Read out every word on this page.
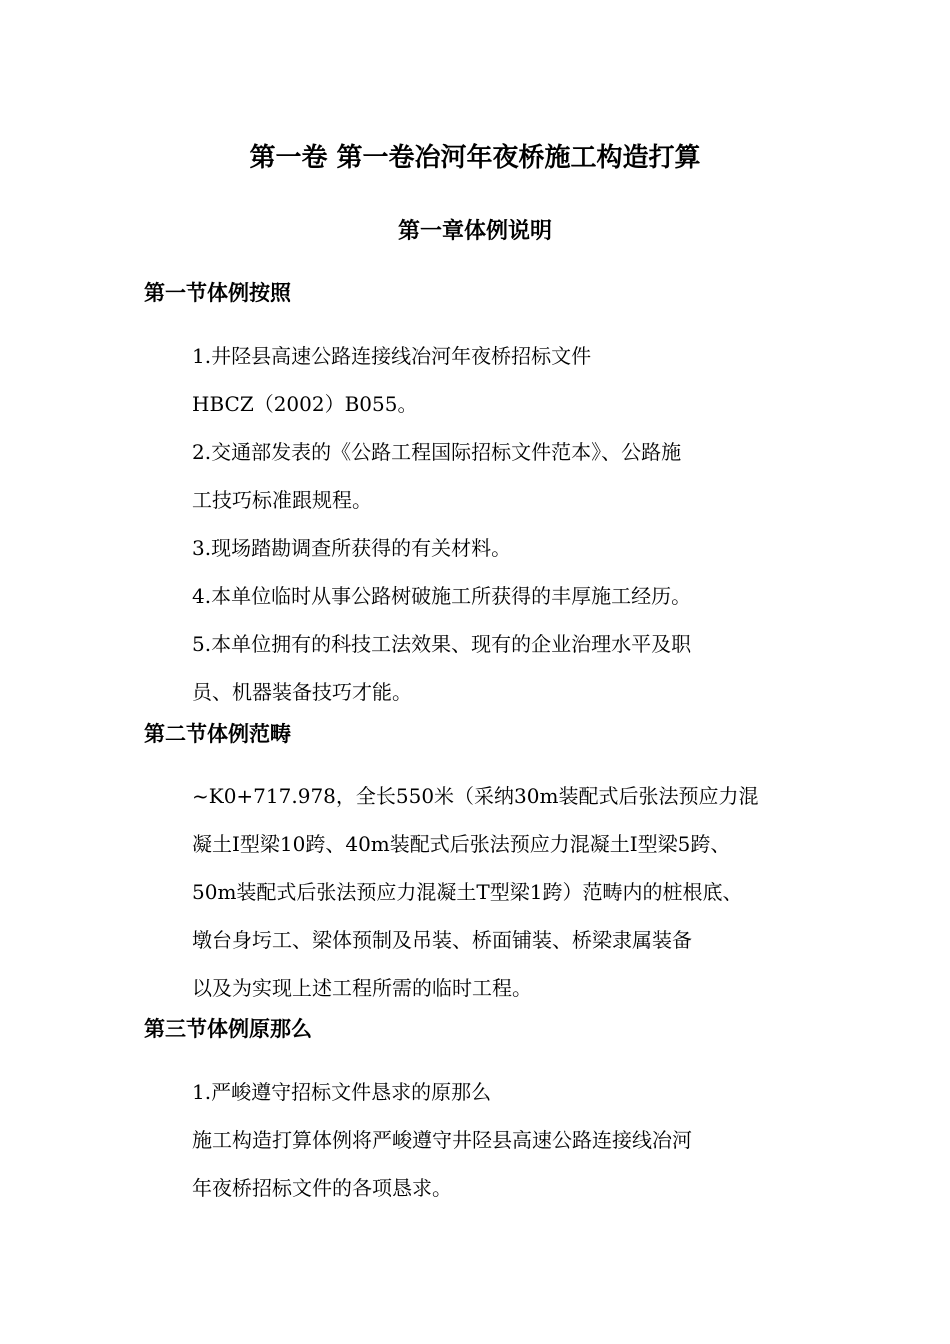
第一卷 第一卷冶河年夜桥施工构造打算
第一章体例说明
第一节体例按照
1.井陉县高速公路连接线冶河年夜桥招标文件
HBCZ（2002）B055。
2.交通部发表的《公路工程国际招标文件范本》、公路施
工技巧标准跟规程。
3.现场踏勘调查所获得的有关材料。
4.本单位临时从事公路树破施工所获得的丰厚施工经历。
5.本单位拥有的科技工法效果、现有的企业治理水平及职
员、机器装备技巧才能。
第二节体例范畴
~K0+717.978，全长550米（采纳30m装配式后张法预应力混
凝土I型梁10跨、40m装配式后张法预应力混凝土I型梁5跨、
50m装配式后张法预应力混凝土T型梁1跨）范畴内的桩根底、
墩台身圬工、梁体预制及吊装、桥面铺装、桥梁隶属装备
以及为实现上述工程所需的临时工程。
第三节体例原那么
1.严峻遵守招标文件恳求的原那么
施工构造打算体例将严峻遵守井陉县高速公路连接线冶河
年夜桥招标文件的各项恳求。
